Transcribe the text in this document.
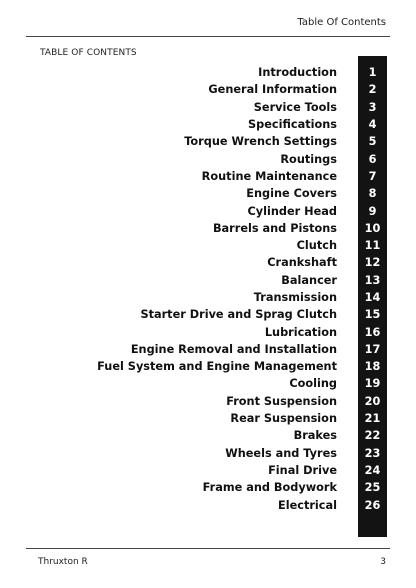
Table Of Contents
TABLE OF CONTENTS
Introduction	1
General Information	2
Service Tools	3
Specifications	4
Torque Wrench Settings	5
Routings	6
Routine Maintenance	7
Engine Covers	8
Cylinder Head	9
Barrels and Pistons	10
Clutch	11
Crankshaft	12
Balancer	13
Transmission	14
Starter Drive and Sprag Clutch	15
Lubrication	16
Engine Removal and Installation	17
Fuel System and Engine Management	18
Cooling	19
Front Suspension	20
Rear Suspension	21
Brakes	22
Wheels and Tyres	23
Final Drive	24
Frame and Bodywork	25
Electrical	26
Thruxton R	3
